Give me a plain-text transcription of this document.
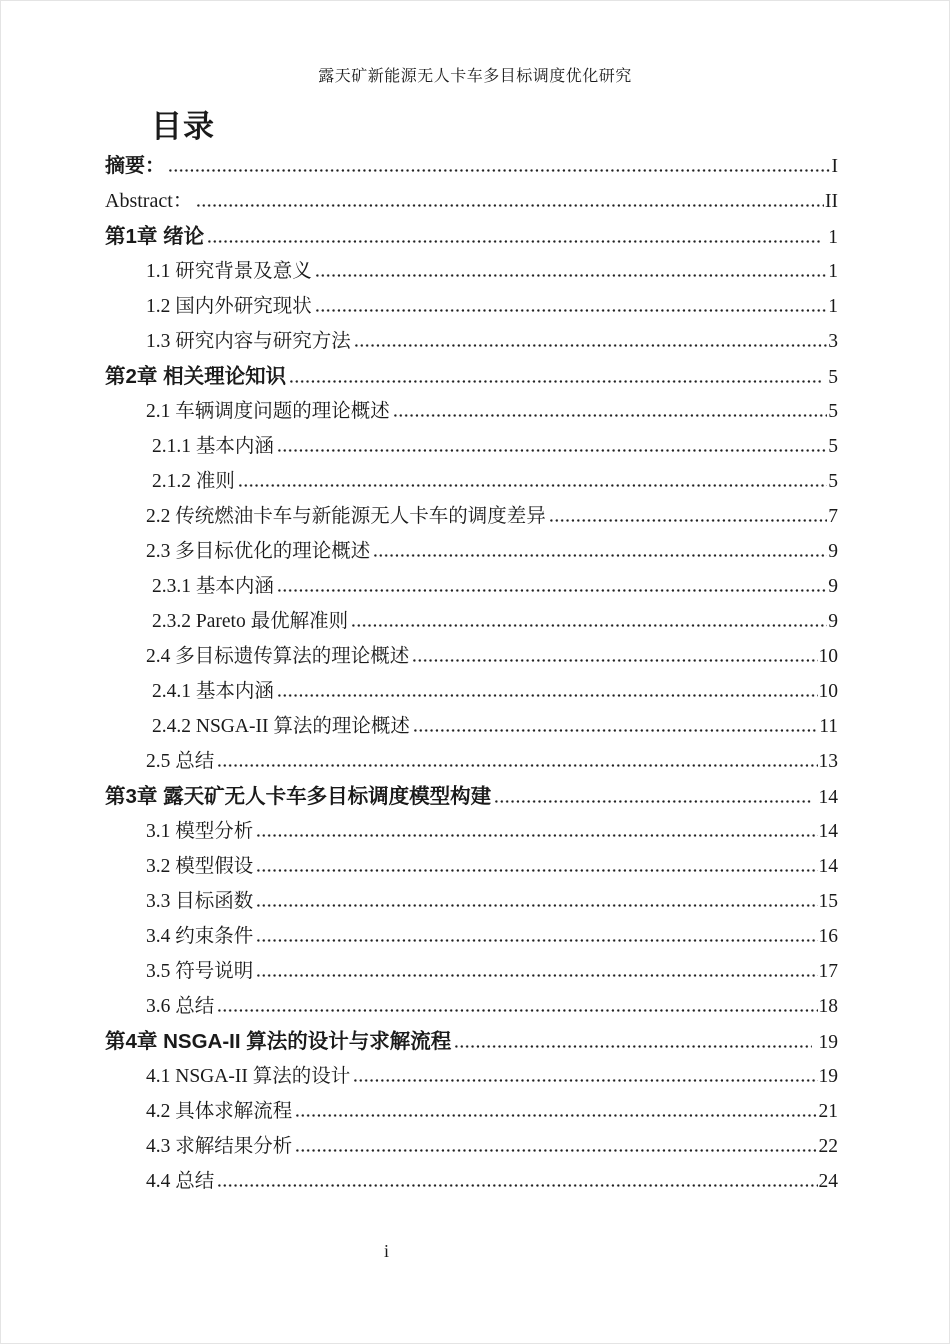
露天矿新能源无人卡车多目标调度优化研究
目录
摘要：	I
Abstract：	II
第1章 绪论	1
1.1 研究背景及意义	1
1.2 国内外研究现状	1
1.3 研究内容与研究方法	3
第2章 相关理论知识	5
2.1 车辆调度问题的理论概述	5
2.1.1 基本内涵	5
2.1.2 准则	5
2.2 传统燃油卡车与新能源无人卡车的调度差异	7
2.3 多目标优化的理论概述	9
2.3.1 基本内涵	9
2.3.2 Pareto 最优解准则	9
2.4 多目标遗传算法的理论概述	10
2.4.1 基本内涵	10
2.4.2 NSGA-II 算法的理论概述	11
2.5 总结	13
第3章 露天矿无人卡车多目标调度模型构建	14
3.1 模型分析	14
3.2 模型假设	14
3.3 目标函数	15
3.4 约束条件	16
3.5 符号说明	17
3.6 总结	18
第4章 NSGA-II 算法的设计与求解流程	19
4.1 NSGA-II 算法的设计	19
4.2 具体求解流程	21
4.3 求解结果分析	22
4.4 总结	24
i
